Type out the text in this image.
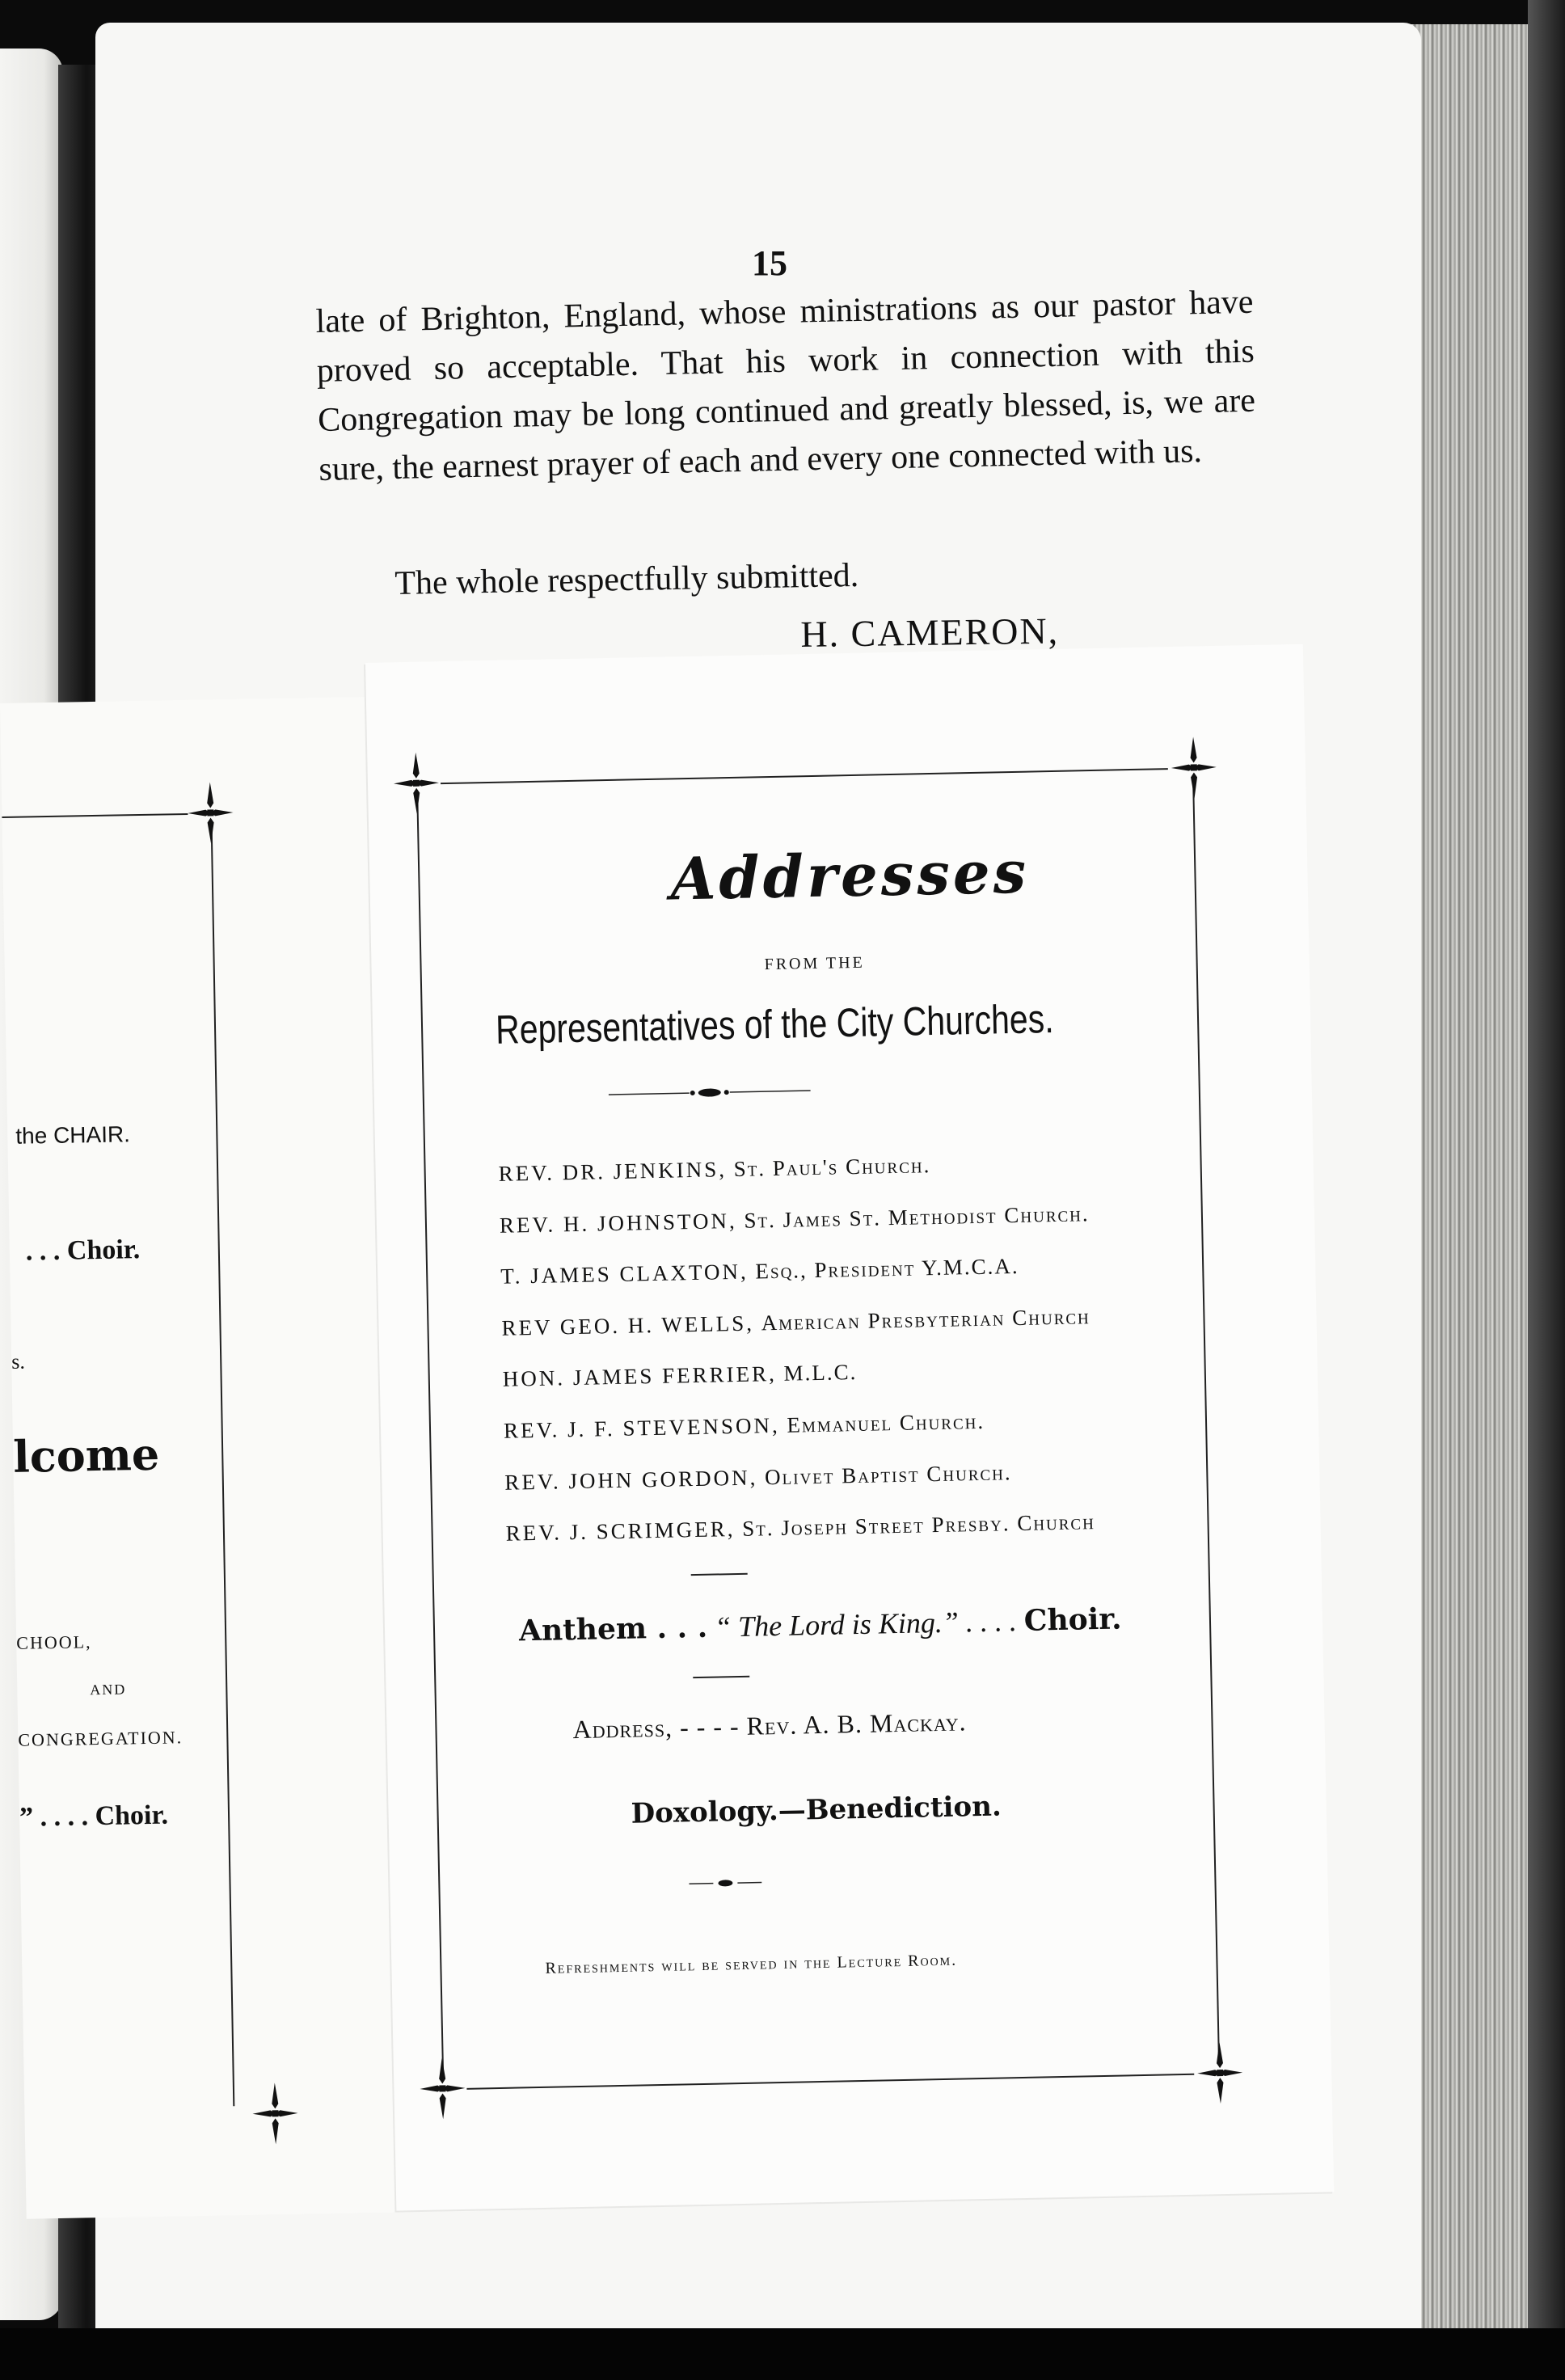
15

late of Brighton, England, whose ministrations as our pastor have proved so acceptable. That his work in connection with this Congregation may be long continued and greatly blessed, is, we are sure, the earnest prayer of each and every one connected with us.

The whole respectfully submitted.

H. CAMERON,

the CHAIR.

. . . Choir.

s.

lcome

CHOOL,

AND

CONGREGATION.

” . . . . Choir.

Addresses

FROM THE

Representatives of the City Churches.

REV. DR. JENKINS, St. Paul's Church.
REV. H. JOHNSTON, St. James St. Methodist Church.
T. JAMES CLAXTON, Esq., President Y.M.C.A.
REV GEO. H. WELLS, American Presbyterian Church
HON. JAMES FERRIER, M.L.C.
REV. J. F. STEVENSON, Emmanuel Church.
REV. JOHN GORDON, Olivet Baptist Church.
REV. J. SCRIMGER, St. Joseph Street Presby. Church

Anthem . . . “ The Lord is King.” . . . . Choir.

Address, - - - - Rev. A. B. Mackay.

Doxology.—Benediction.

Refreshments will be served in the Lecture Room.
